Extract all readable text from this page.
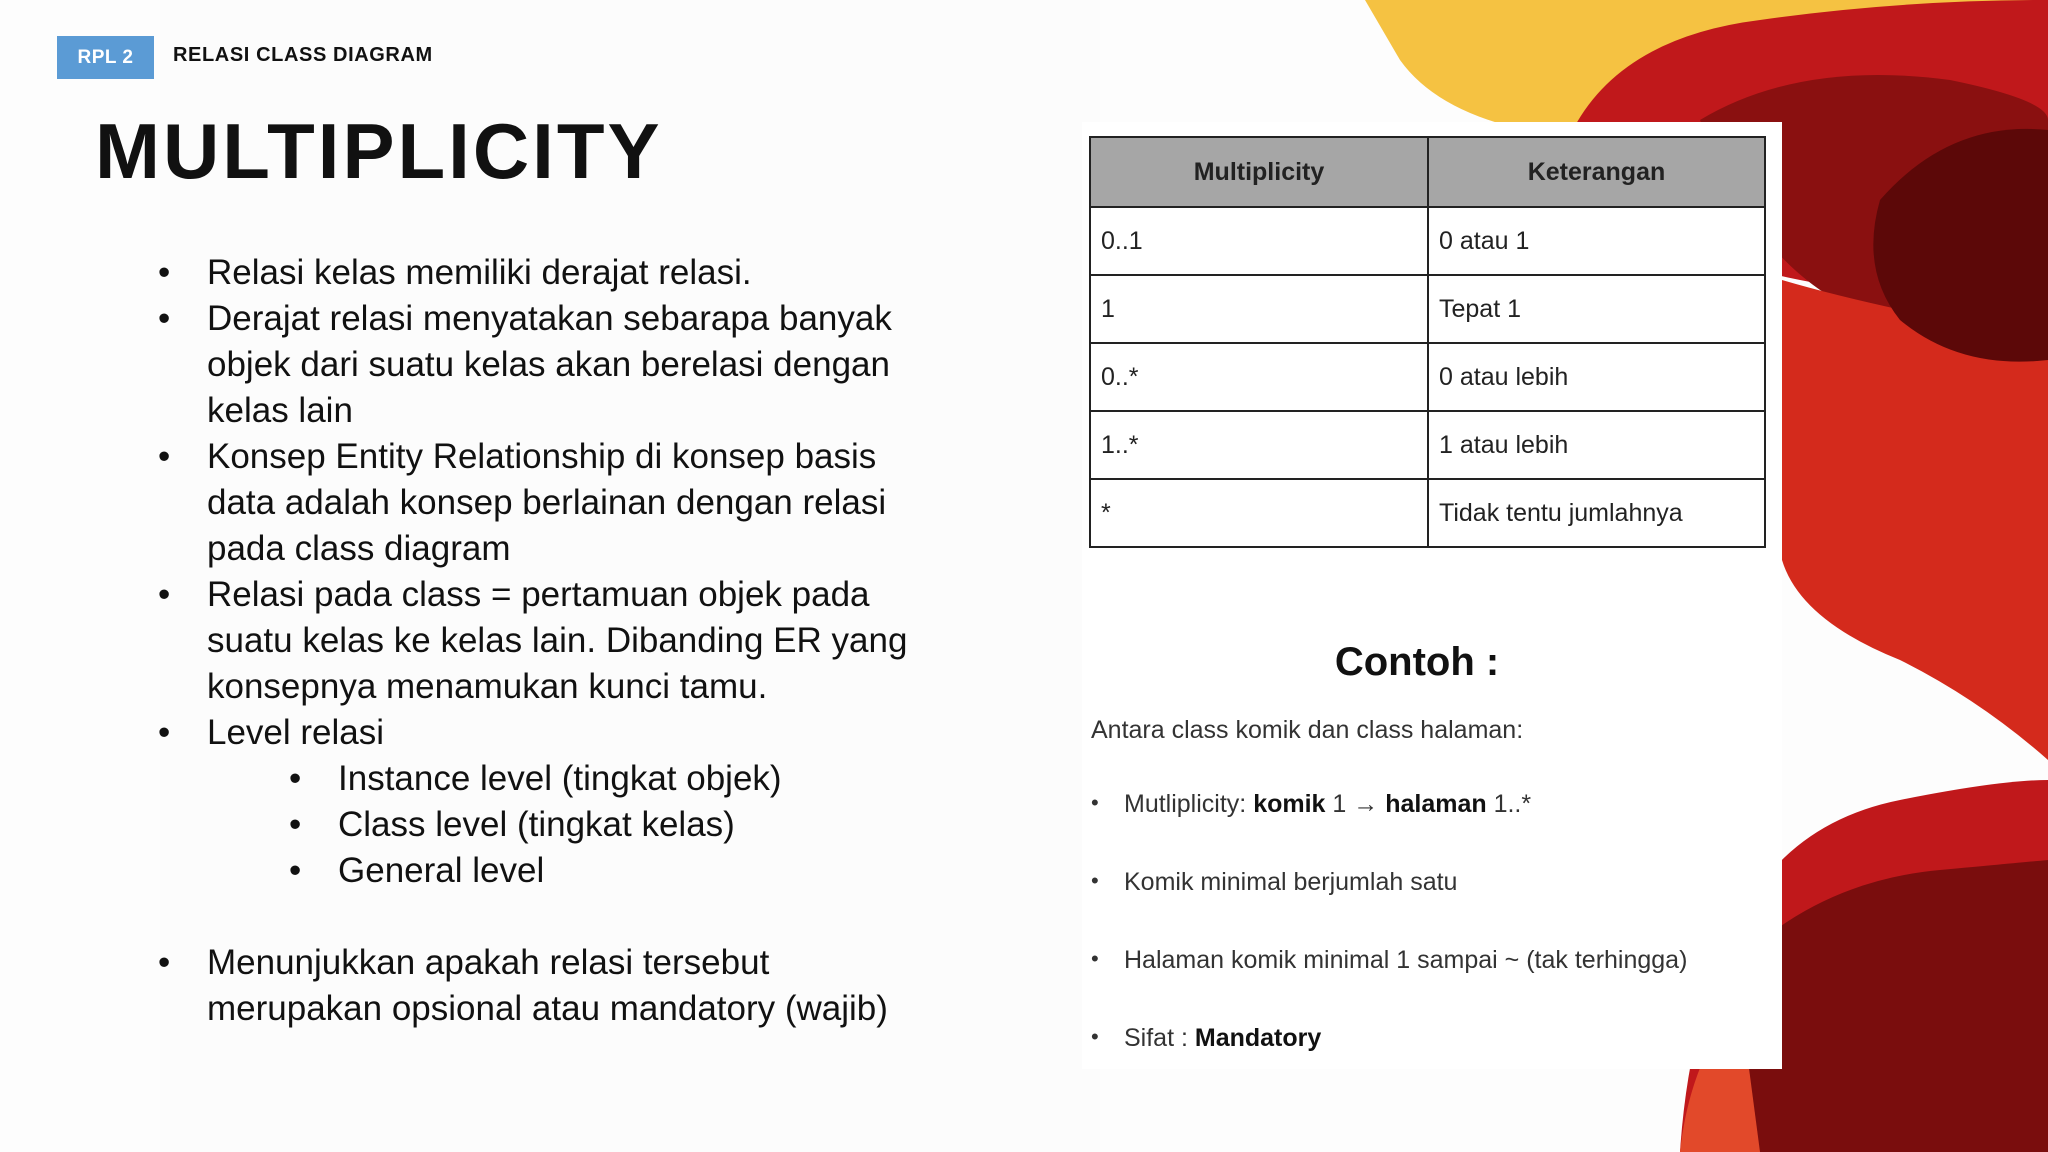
RPL 2	RELASI CLASS DIAGRAM
MULTIPLICITY
• Relasi kelas memiliki derajat relasi.
• Derajat relasi menyatakan sebarapa banyak objek dari suatu kelas akan berelasi dengan kelas lain
• Konsep Entity Relationship di konsep basis data adalah konsep berlainan dengan relasi pada class diagram
• Relasi pada class = pertamuan objek pada suatu kelas ke kelas lain. Dibanding ER yang konsepnya menamukan kunci tamu.
• Level relasi
• Instance level (tingkat objek)
• Class level (tingkat kelas)
• General level
• Menunjukkan apakah relasi tersebut merupakan opsional atau mandatory (wajib)
Multiplicity	Keterangan
0..1	0 atau 1
1	Tepat 1
0..*	0 atau lebih
1..*	1 atau lebih
*	Tidak tentu jumlahnya
Contoh :
Antara class komik dan class halaman:
• Mutliplicity: komik 1 → halaman 1..*
• Komik minimal berjumlah satu
• Halaman komik minimal 1 sampai ~ (tak terhingga)
• Sifat : Mandatory
